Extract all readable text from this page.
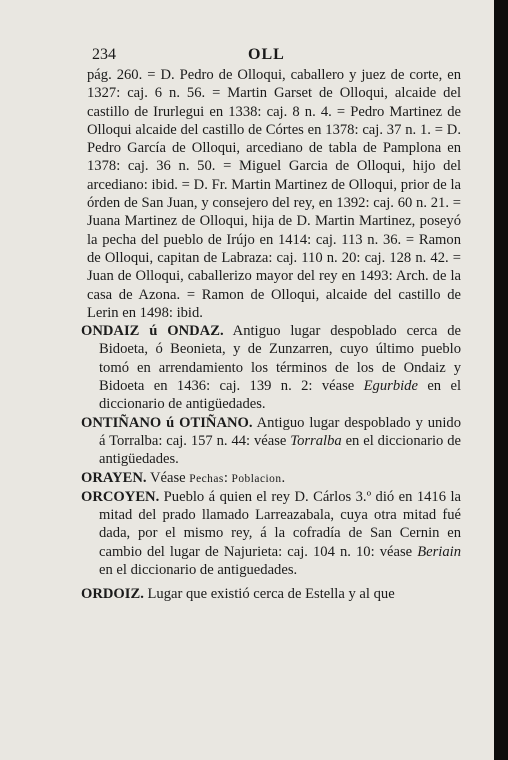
234	OLL

pág. 260. = D. Pedro de Olloqui, caballero y juez de corte, en 1327: caj. 6 n. 56. = Martin Garset de Olloqui, alcaide del castillo de Irurlegui en 1338: caj. 8 n. 4. = Pedro Martinez de Olloqui alcaide del castillo de Córtes en 1378: caj. 37 n. 1. = D. Pedro García de Olloqui, arcediano de tabla de Pamplona en 1378: caj. 36 n. 50. = Miguel Garcia de Olloqui, hijo del arcediano: ibid. = D. Fr. Martin Martinez de Olloqui, prior de la órden de San Juan, y consejero del rey, en 1392: caj. 60 n. 21. = Juana Martinez de Olloqui, hija de D. Martin Martinez, poseyó la pecha del pueblo de Irújo en 1414: caj. 113 n. 36. = Ramon de Olloqui, capitan de Labraza: caj. 110 n. 20: caj. 128 n. 42. = Juan de Olloqui, caballerizo mayor del rey en 1493: Arch. de la casa de Azona. = Ramon de Olloqui, alcaide del castillo de Lerin en 1498: ibid.

ONDAIZ ú ONDAZ. Antiguo lugar despoblado cerca de Bidoeta, ó Beonieta, y de Zunzarren, cuyo último pueblo tomó en arrendamiento los términos de los de Ondaiz y Bidoeta en 1436: caj. 139 n. 2: véase Egurbide en el diccionario de antigüedades.

ONTIÑANO ú OTIÑANO. Antiguo lugar despoblado y unido á Torralba: caj. 157 n. 44: véase Torralba en el diccionario de antigüedades.

ORAYEN. Véase Pechas: Poblacion.

ORCOYEN. Pueblo á quien el rey D. Cárlos 3.º dió en 1416 la mitad del prado llamado Larreazabala, cuya otra mitad fué dada, por el mismo rey, á la cofradía de San Cernin en cambio del lugar de Najurieta: caj. 104 n. 10: véase Beriain en el diccionario de antiguedades.

ORDOIZ. Lugar que existió cerca de Estella y al que
